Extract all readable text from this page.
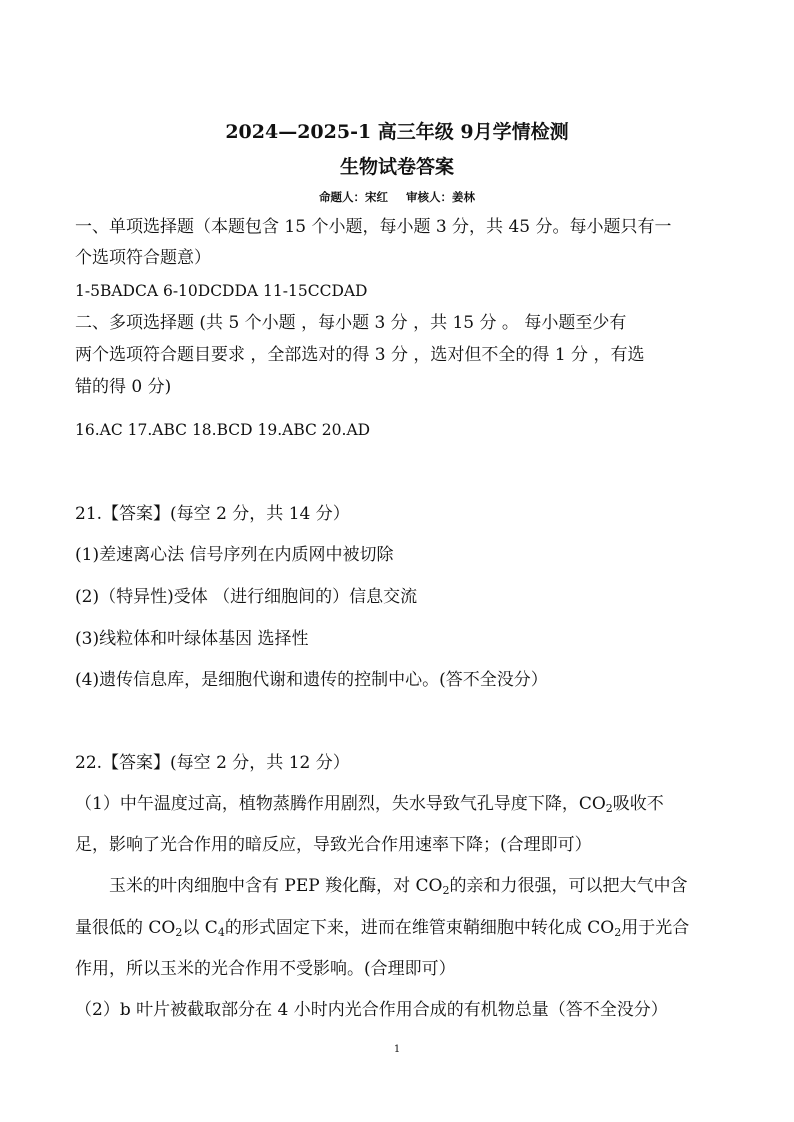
2024—2025-1 高三年级 9月学情检测
生物试卷答案
命题人：宋红 审核人：姜林
一、单项选择题（本题包含 15 个小题，每小题 3 分，共 45 分。每小题只有一
个选项符合题意）
1-5BADCA 6-10DCDDA 11-15CCDAD
二、多项选择题 (共 5 个小题 ，每小题 3 分 ，共 15 分 。 每小题至少有
两个选项符合题目要求 ，全部选对的得 3 分 ，选对但不全的得 1 分 ，有选
错的得 0 分)
16.AC 17.ABC 18.BCD 19.ABC 20.AD
21.【答案】(每空 2 分，共 14 分）
(1)差速离心法 信号序列在内质网中被切除
(2)（特异性)受体 （进行细胞间的）信息交流
(3)线粒体和叶绿体基因 选择性
(4)遗传信息库，是细胞代谢和遗传的控制中心。(答不全没分）
22.【答案】(每空 2 分，共 12 分）
（1）中午温度过高，植物蒸腾作用剧烈，失水导致气孔导度下降，$CO_2$吸收不
足，影响了光合作用的暗反应，导致光合作用速率下降；(合理即可）
玉米的叶肉细胞中含有 PEP 羧化酶，对 $CO_2$的亲和力很强，可以把大气中含
量很低的 $CO_2$以 $C_4$的形式固定下来，进而在维管束鞘细胞中转化成 $CO_2$用于光合
作用，所以玉米的光合作用不受影响。(合理即可）
（2）b 叶片被截取部分在 4 小时内光合作用合成的有机物总量（答不全没分）
1
